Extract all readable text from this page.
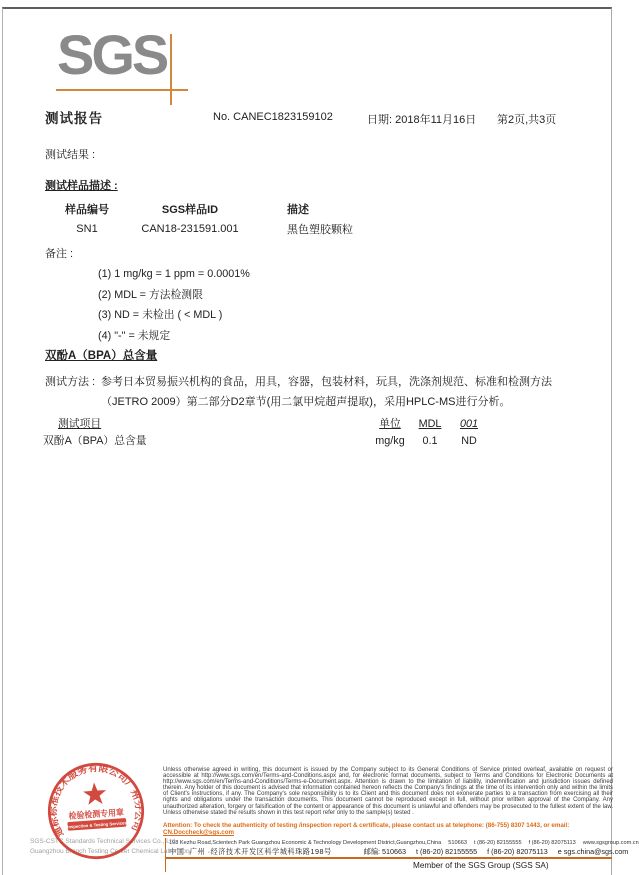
SGS
测试报告	No. CANEC1823159102	日期: 2018年11月16日 第2页,共3页
测试结果 :
测试样品描述 :
样品编号	SGS样品ID	描述
SN1	CAN18-231591.001	黑色塑胶颗粒
备注 :
(1) 1 mg/kg = 1 ppm = 0.0001%
(2) MDL = 方法检测限
(3) ND = 未检出 ( < MDL )
(4) "-" = 未规定
双酚A（BPA）总含量
测试方法 : 参考日本贸易振兴机构的食品，用具，容器，包装材料，玩具，洗涤剂规范、标准和检测方法（JETRO 2009）第二部分D2章节(用二氯甲烷超声提取)，采用HPLC-MS进行分析。
测试项目	单位	MDL	001
双酚A（BPA）总含量	mg/kg	0.1	ND
Unless otherwise agreed in writing, this document is issued by the Company subject to its General Conditions of Service printed overleaf, available on request or accessible at http://www.sgs.com/en/Terms-and-Conditions.aspx and, for electronic format documents, subject to Terms and Conditions for Electronic Documents at http://www.sgs.com/en/Terms-and-Conditions/Terms-e-Document.aspx. Attention is drawn to the limitation of liability, indemnification and jurisdiction issues defined therein. Any holder of this document is advised that information contained hereon reflects the Company's findings at the time of its intervention only and within the limits of Client's instructions, if any. The Company's sole responsibility is to its Client and this document does not exonerate parties to a transaction from exercising all their rights and obligations under the transaction documents. This document cannot be reproduced except in full, without prior written approval of the Company. Any unauthorized alteration, forgery or falsification of the content or appearance of this document is unlawful and offenders may be prosecuted to the fullest extent of the law. Unless otherwise stated the results shown in this test report refer only to the sample(s) tested .
Attention: To check the authenticity of testing /inspection report & certificate, please contact us at telephone: (86-755) 8307 1443, or email: CN.Doccheck@sgs.com
198 Kezhu Road,Scientech Park Guangzhou Economic & Technology Development District,Guangzhou,China 510663 t (86-20) 82155555 f (86-20) 82075113 www.sgsgroup.com.cn
中国 ·广州 ·经济技术开发区科学城科珠路198号	邮编: 510663 t (86-20) 82155555 f (86-20) 82075113 e sgs.china@sgs.com
Member of the SGS Group (SGS SA)
SGS-CSTC Standards Technical Services Co., Ltd.
Guangzhou Branch Testing Center Chemical Laboratory
通标标准技术服务有限公司广州分公司
检验检测专用章
Inspection & Testing Services
